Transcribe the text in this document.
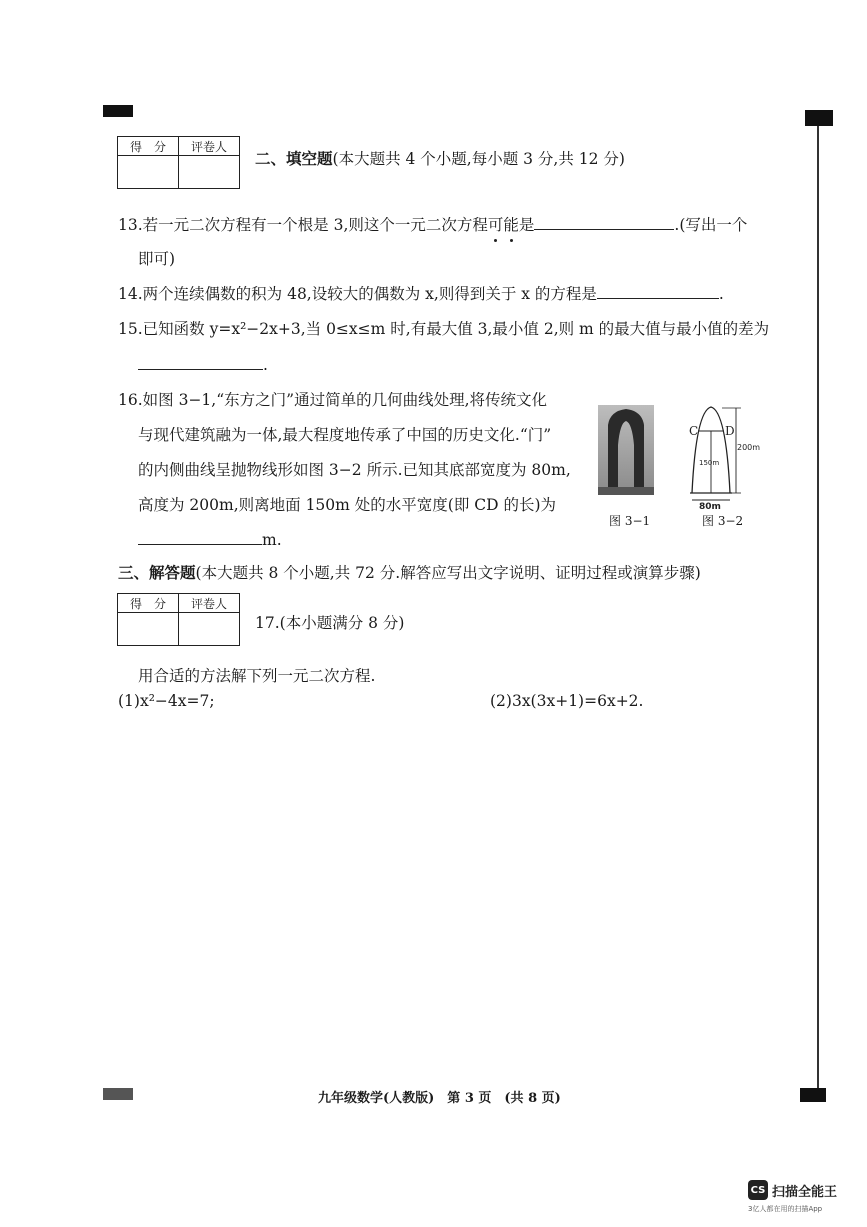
得　分	评卷人

二、填空题(本大题共 4 个小题,每小题 3 分,共 12 分)
13.若一元二次方程有一个根是 3,则这个一元二次方程可能是	.(写出一个
即可)
14.两个连续偶数的积为 48,设较大的偶数为 x,则得到关于 x 的方程是	.
15.已知函数 y=x²−2x+3,当 0≤x≤m 时,有最大值 3,最小值 2,则 m 的最大值与最小值的差为
.
16.如图 3−1,“东方之门”通过简单的几何曲线处理,将传统文化
与现代建筑融为一体,最大程度地传承了中国的历史文化.“门”
的内侧曲线呈抛物线形如图 3−2 所示.已知其底部宽度为 80m,
高度为 200m,则离地面 150m 处的水平宽度(即 CD 的长)为
m.
图 3−1
C D
150m
200m
80m
图 3−2
三、解答题(本大题共 8 个小题,共 72 分.解答应写出文字说明、证明过程或演算步骤)
得　分	评卷人

17.(本小题满分 8 分)
用合适的方法解下列一元二次方程.
(1)x²−4x=7;	(2)3x(3x+1)=6x+2.
九年级数学(人教版)　第 3 页　(共 8 页)
CS 扫描全能王
3亿人都在用的扫描App
